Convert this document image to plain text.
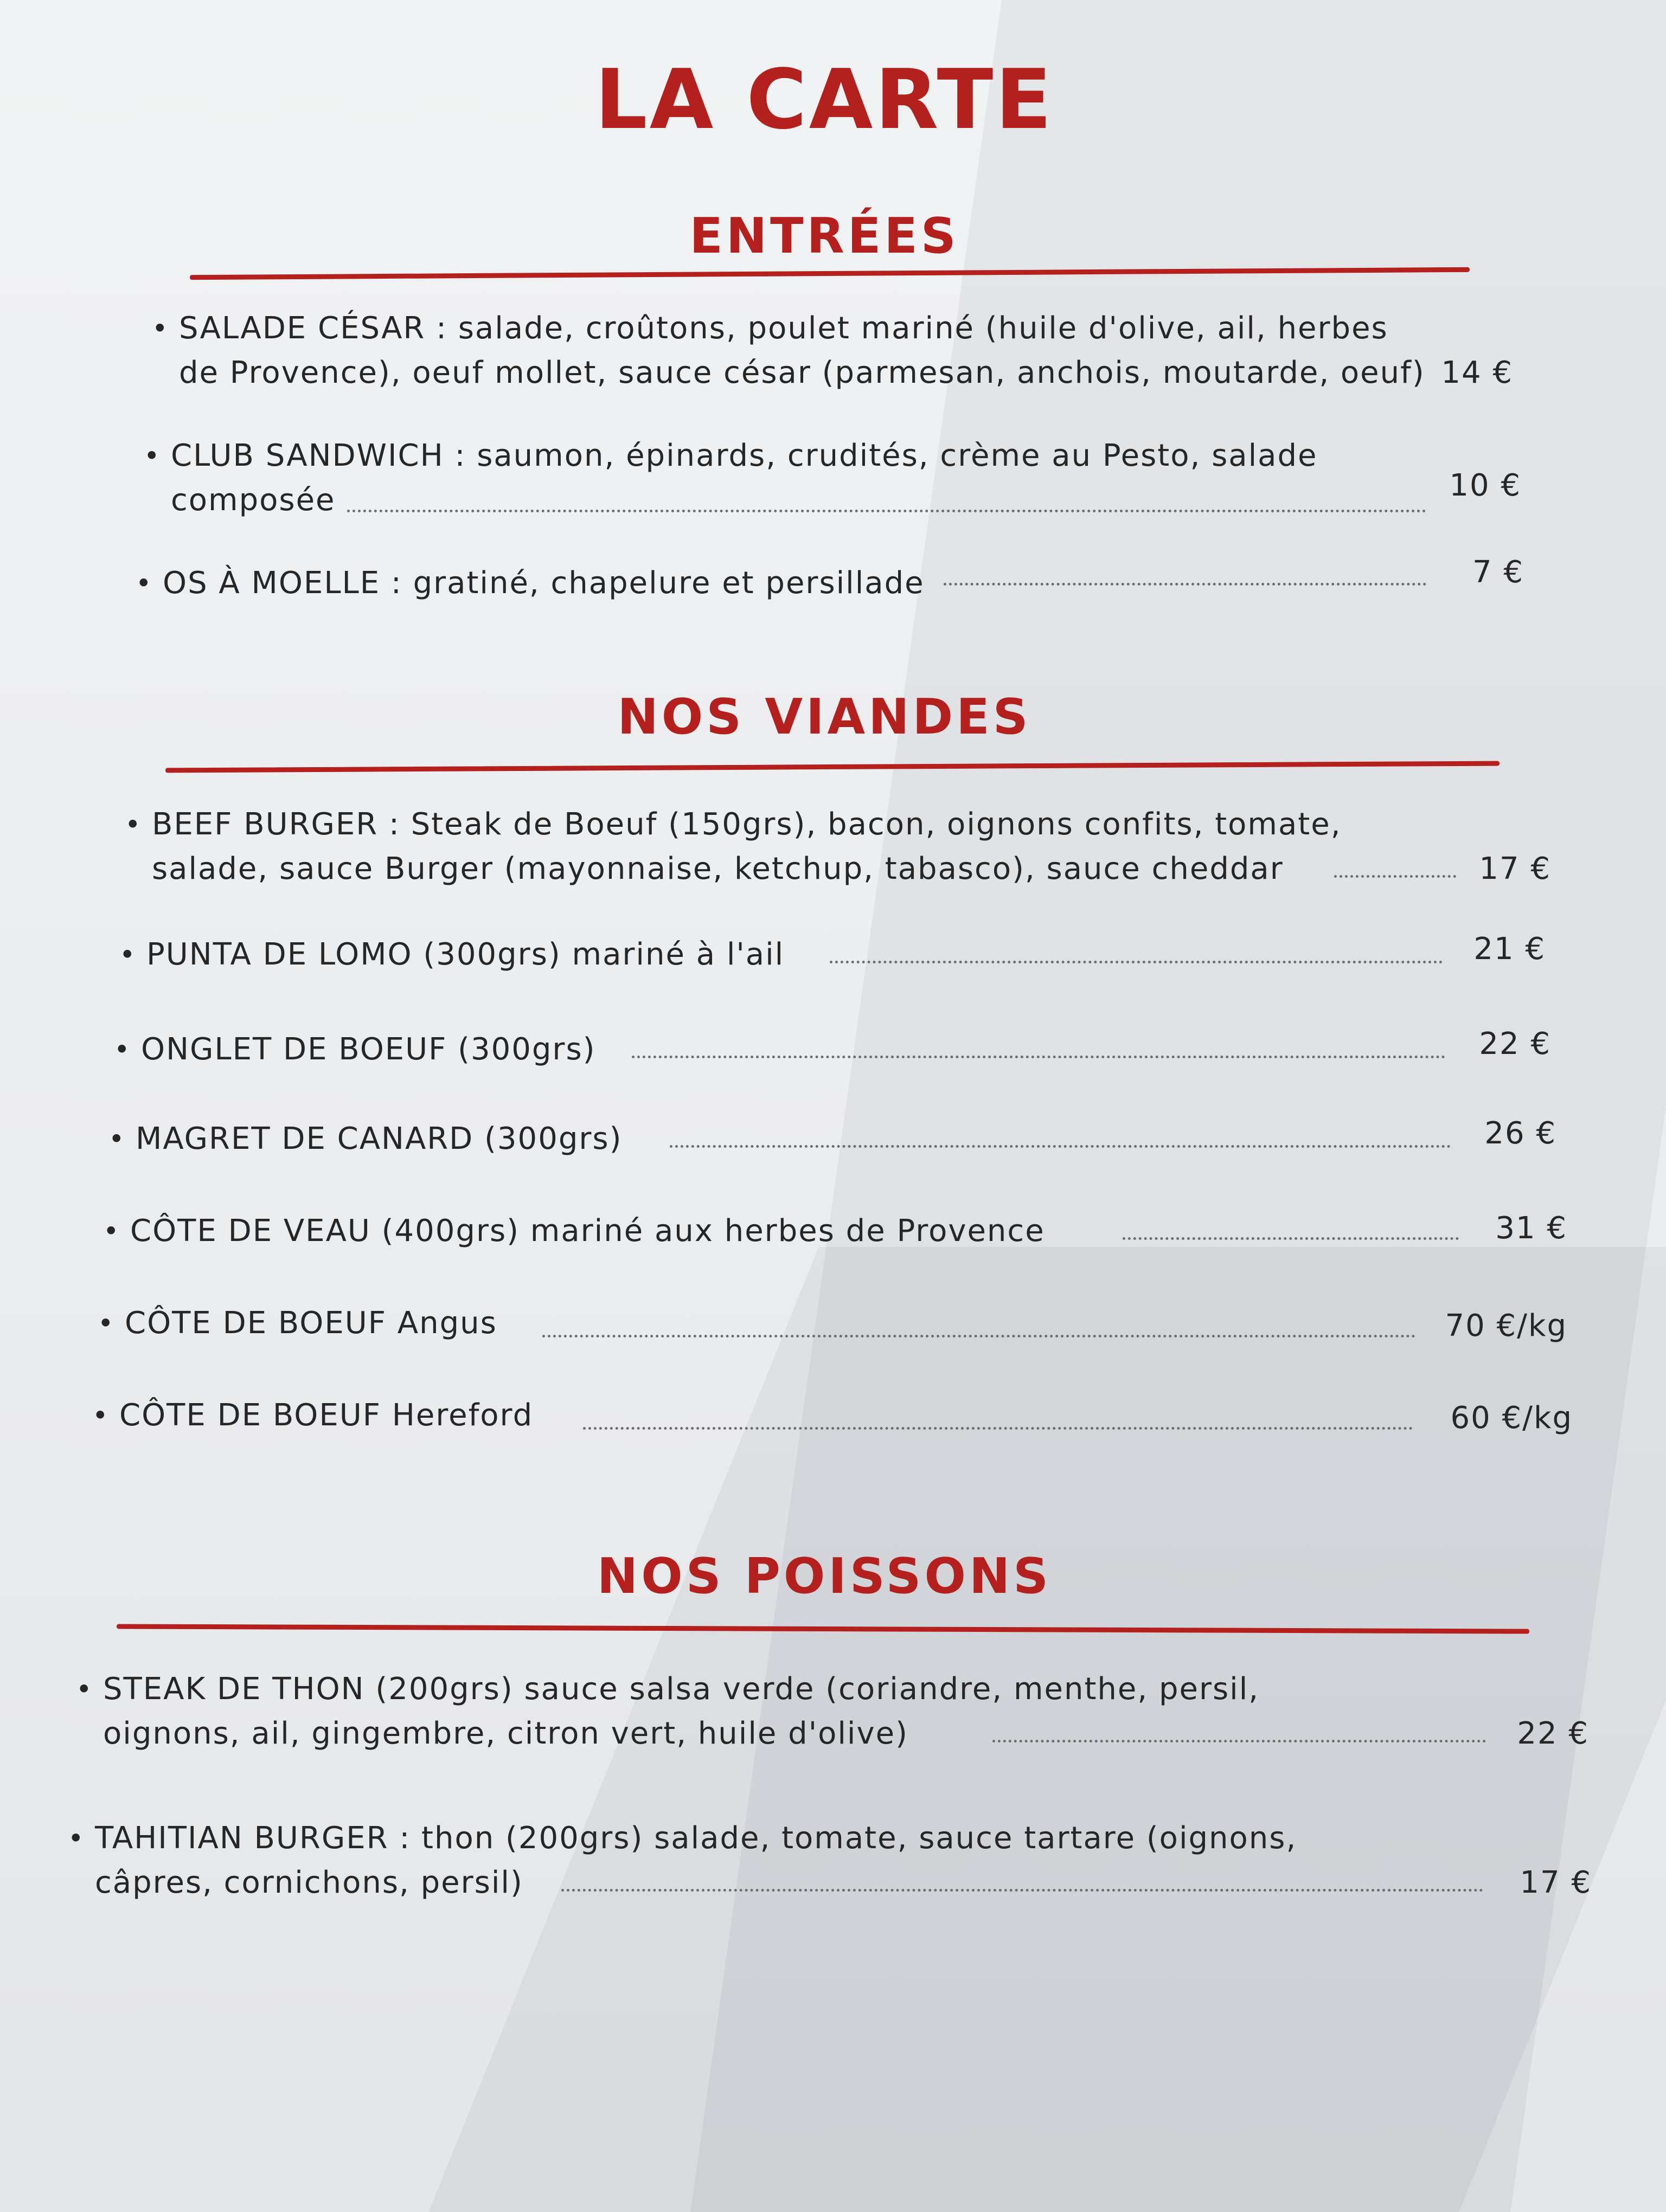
LA CARTE
ENTRÉES
• SALADE CÉSAR : salade, croûtons, poulet mariné (huile d'olive, ail, herbes
de Provence), oeuf mollet, sauce césar (parmesan, anchois, moutarde, oeuf) 14 €
• CLUB SANDWICH : saumon, épinards, crudités, crème au Pesto, salade
composée	10 €
• OS À MOELLE : gratiné, chapelure et persillade	7 €
NOS VIANDES
• BEEF BURGER : Steak de Boeuf (150grs), bacon, oignons confits, tomate,
salade, sauce Burger (mayonnaise, ketchup, tabasco), sauce cheddar	17 €
• PUNTA DE LOMO (300grs) mariné à l'ail	21 €
• ONGLET DE BOEUF (300grs)	22 €
• MAGRET DE CANARD (300grs)	26 €
• CÔTE DE VEAU (400grs) mariné aux herbes de Provence	31 €
• CÔTE DE BOEUF Angus	70 €/kg
• CÔTE DE BOEUF Hereford	60 €/kg
NOS POISSONS
• STEAK DE THON (200grs) sauce salsa verde (coriandre, menthe, persil,
oignons, ail, gingembre, citron vert, huile d'olive)	22 €
• TAHITIAN BURGER : thon (200grs) salade, tomate, sauce tartare (oignons,
câpres, cornichons, persil)	17 €
